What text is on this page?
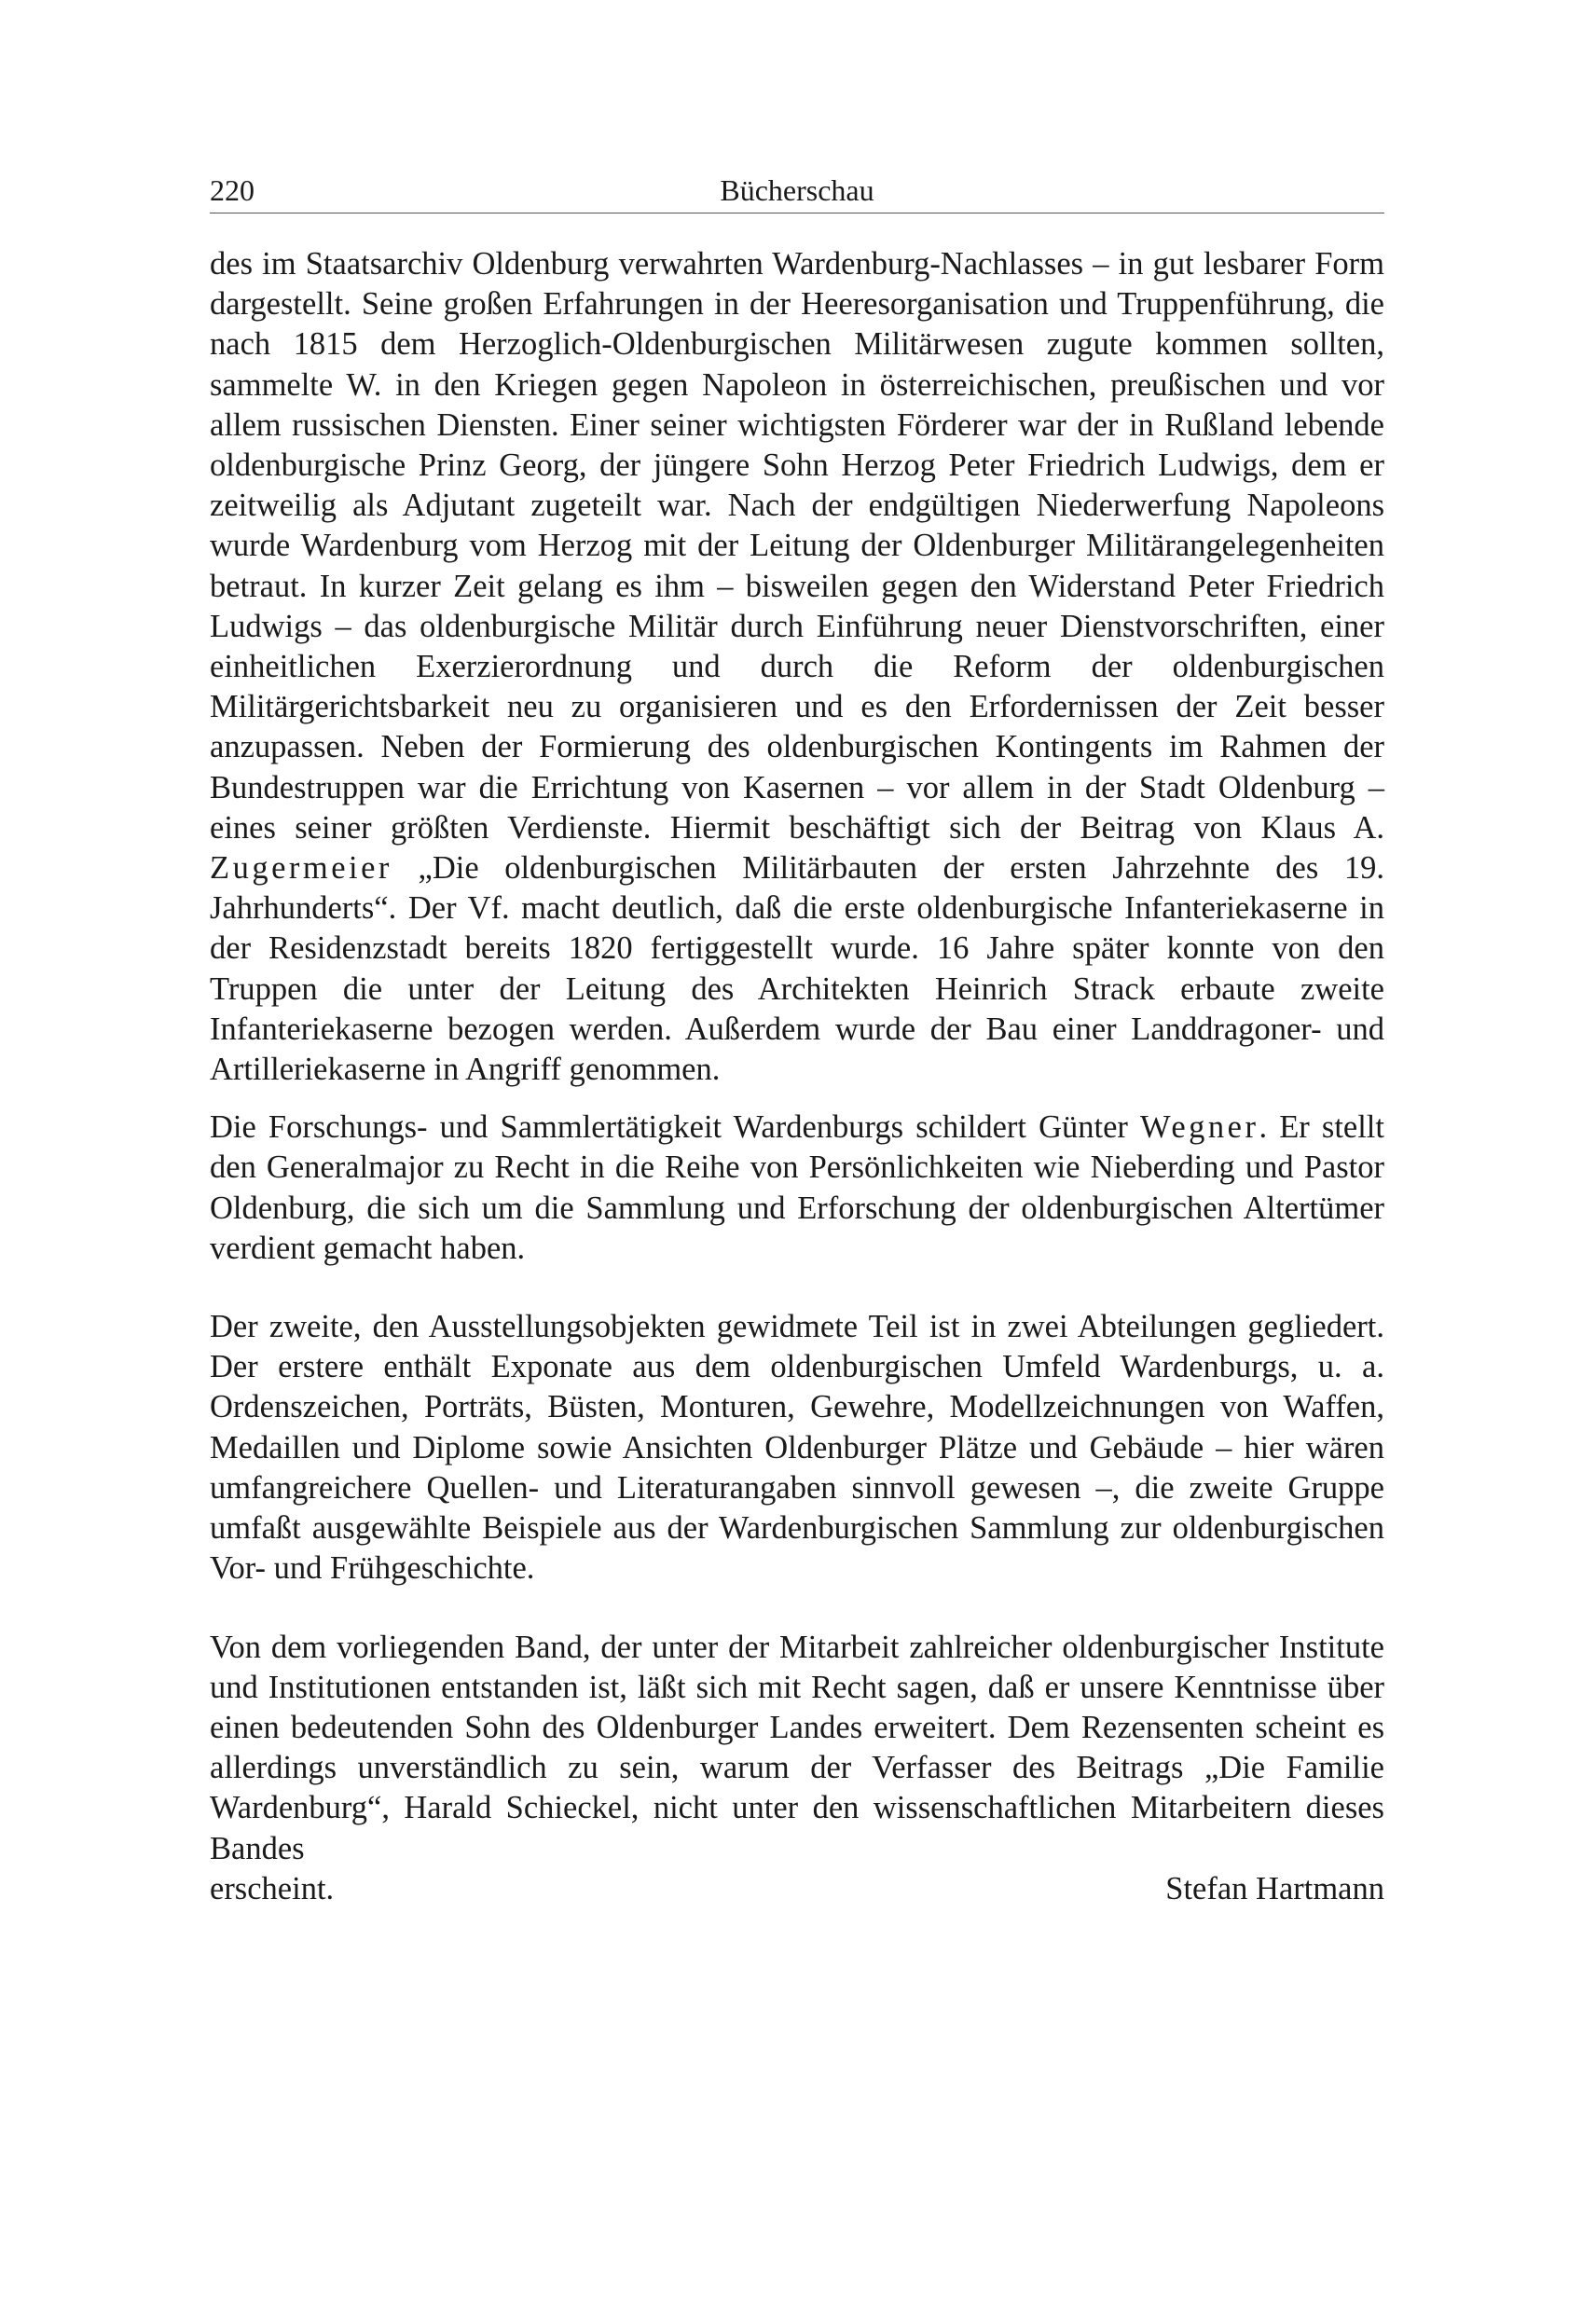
220	Bücherschau

des im Staatsarchiv Oldenburg verwahrten Wardenburg-Nachlasses – in gut lesbarer Form dargestellt. Seine großen Erfahrungen in der Heeresorganisation und Truppenführung, die nach 1815 dem Herzoglich-Oldenburgischen Militärwesen zugute kommen sollten, sammelte W. in den Kriegen gegen Napoleon in österreichischen, preußischen und vor allem russischen Diensten. Einer seiner wichtigsten Förderer war der in Rußland lebende oldenburgische Prinz Georg, der jüngere Sohn Herzog Peter Friedrich Ludwigs, dem er zeitweilig als Adjutant zugeteilt war. Nach der endgültigen Niederwerfung Napoleons wurde Wardenburg vom Herzog mit der Leitung der Oldenburger Militärangelegenheiten betraut. In kurzer Zeit gelang es ihm – bisweilen gegen den Widerstand Peter Friedrich Ludwigs – das oldenburgische Militär durch Einführung neuer Dienstvorschriften, einer einheitlichen Exerzierordnung und durch die Reform der oldenburgischen Militärgerichtsbarkeit neu zu organisieren und es den Erfordernissen der Zeit besser anzupassen. Neben der Formierung des oldenburgischen Kontingents im Rahmen der Bundestruppen war die Errichtung von Kasernen – vor allem in der Stadt Oldenburg – eines seiner größten Verdienste. Hiermit beschäftigt sich der Beitrag von Klaus A. Zugermeier „Die oldenburgischen Militärbauten der ersten Jahrzehnte des 19. Jahrhunderts“. Der Vf. macht deutlich, daß die erste oldenburgische Infanteriekaserne in der Residenzstadt bereits 1820 fertiggestellt wurde. 16 Jahre später konnte von den Truppen die unter der Leitung des Architekten Heinrich Strack erbaute zweite Infanteriekaserne bezogen werden. Außerdem wurde der Bau einer Landdragoner- und Artilleriekaserne in Angriff genommen.

Die Forschungs- und Sammlertätigkeit Wardenburgs schildert Günter Wegner. Er stellt den Generalmajor zu Recht in die Reihe von Persönlichkeiten wie Nieberding und Pastor Oldenburg, die sich um die Sammlung und Erforschung der oldenburgischen Altertümer verdient gemacht haben.

Der zweite, den Ausstellungsobjekten gewidmete Teil ist in zwei Abteilungen gegliedert. Der erstere enthält Exponate aus dem oldenburgischen Umfeld Wardenburgs, u. a. Ordenszeichen, Porträts, Büsten, Monturen, Gewehre, Modellzeichnungen von Waffen, Medaillen und Diplome sowie Ansichten Oldenburger Plätze und Gebäude – hier wären umfangreichere Quellen- und Literaturangaben sinnvoll gewesen –, die zweite Gruppe umfaßt ausgewählte Beispiele aus der Wardenburgischen Sammlung zur oldenburgischen Vor- und Frühgeschichte.

Von dem vorliegenden Band, der unter der Mitarbeit zahlreicher oldenburgischer Institute und Institutionen entstanden ist, läßt sich mit Recht sagen, daß er unsere Kenntnisse über einen bedeutenden Sohn des Oldenburger Landes erweitert. Dem Rezensenten scheint es allerdings unverständlich zu sein, warum der Verfasser des Beitrags „Die Familie Wardenburg“, Harald Schieckel, nicht unter den wissenschaftlichen Mitarbeitern dieses Bandes

erscheint.	Stefan Hartmann
